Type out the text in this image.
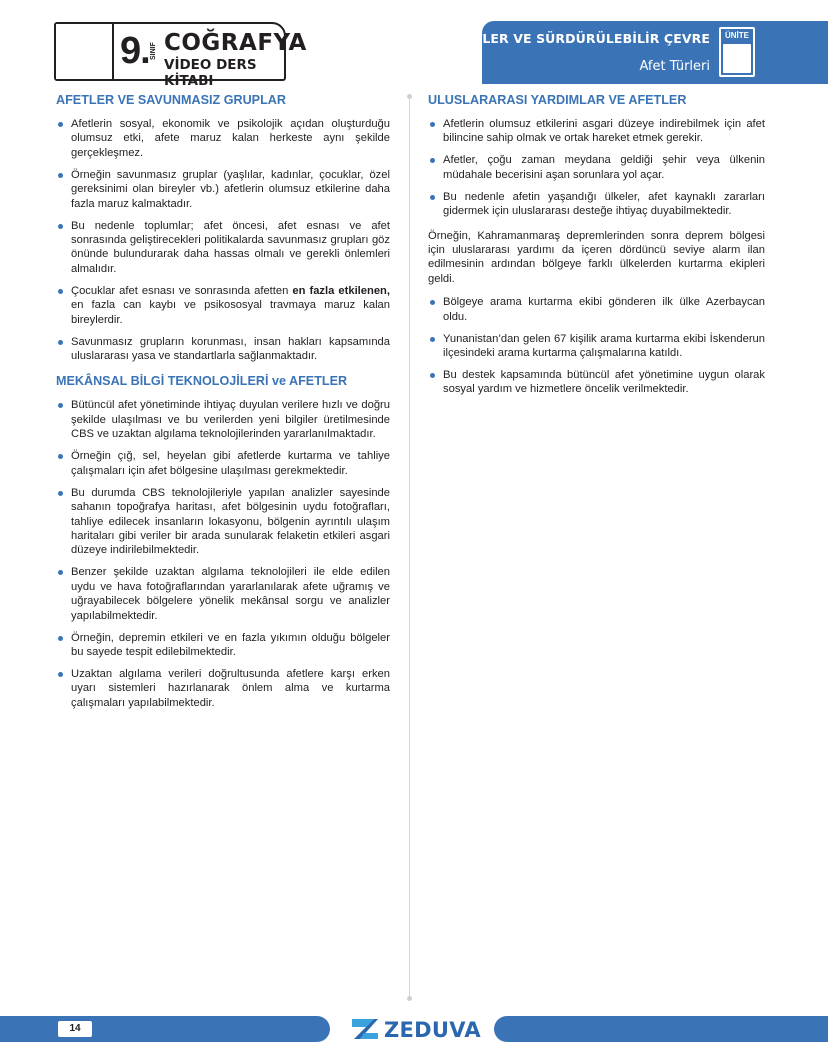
9. SINIF COĞRAFYA
VİDEO DERS KİTABI
AFETLER VE SÜRDÜRÜLEBİLİR ÇEVRE
Afet Türleri
ÜNİTE
AFETLER VE SAVUNMASIZ GRUPLAR
Afetlerin sosyal, ekonomik ve psikolojik açıdan oluşturduğu olumsuz etki, afete maruz kalan herkeste aynı şekilde gerçekleşmez.
Örneğin savunmasız gruplar (yaşlılar, kadınlar, çocuklar, özel gereksinimi olan bireyler vb.) afetlerin olumsuz etkilerine daha fazla maruz kalmaktadır.
Bu nedenle toplumlar; afet öncesi, afet esnası ve afet sonrasında geliştirecekleri politikalarda savunmasız grupları göz önünde bulundurarak daha hassas olmalı ve gerekli önlemleri almalıdır.
Çocuklar afet esnası ve sonrasında afetten en fazla etkilenen, en fazla can kaybı ve psikososyal travmaya maruz kalan bireylerdir.
Savunmasız grupların korunması, insan hakları kapsamında uluslararası yasa ve standartlarla sağlanmaktadır.
MEKÂNSAL BİLGİ TEKNOLOJİLERİ ve AFETLER
Bütüncül afet yönetiminde ihtiyaç duyulan verilere hızlı ve doğru şekilde ulaşılması ve bu verilerden yeni bilgiler üretilmesinde CBS ve uzaktan algılama teknolojilerinden yararlanılmaktadır.
Örneğin çığ, sel, heyelan gibi afetlerde kurtarma ve tahliye çalışmaları için afet bölgesine ulaşılması gerekmektedir.
Bu durumda CBS teknolojileriyle yapılan analizler sayesinde sahanın topoğrafya haritası, afet bölgesinin uydu fotoğrafları, tahliye edilecek insanların lokasyonu, bölgenin ayrıntılı ulaşım haritaları gibi veriler bir arada sunularak felaketin etkileri asgari düzeye indirilebilmektedir.
Benzer şekilde uzaktan algılama teknolojileri ile elde edilen uydu ve hava fotoğraflarından yararlanılarak afete uğramış ve uğrayabilecek bölgelere yönelik mekânsal sorgu ve analizler yapılabilmektedir.
Örneğin, depremin etkileri ve en fazla yıkımın olduğu bölgeler bu sayede tespit edilebilmektedir.
Uzaktan algılama verileri doğrultusunda afetlere karşı erken uyarı sistemleri hazırlanarak önlem alma ve kurtarma çalışmaları yapılabilmektedir.
ULUSLARARASI YARDIMLAR VE AFETLER
Afetlerin olumsuz etkilerini asgari düzeye indirebilmek için afet bilincine sahip olmak ve ortak hareket etmek gerekir.
Afetler, çoğu zaman meydana geldiği şehir veya ülkenin müdahale becerisini aşan sorunlara yol açar.
Bu nedenle afetin yaşandığı ülkeler, afet kaynaklı zararları gidermek için uluslararası desteğe ihtiyaç duyabilmektedir.

Örneğin, Kahramanmaraş depremlerinden sonra deprem bölgesi için uluslararası yardımı da içeren dördüncü seviye alarm ilan edilmesinin ardından bölgeye farklı ülkelerden kurtarma ekipleri geldi.

Bölgeye arama kurtarma ekibi gönderen ilk ülke Azerbaycan oldu.
Yunanistan’dan gelen 67 kişilik arama kurtarma ekibi İskenderun ilçesindeki arama kurtarma çalışmalarına katıldı.
Bu destek kapsamında bütüncül afet yönetimine uygun olarak sosyal yardım ve hizmetlere öncelik verilmektedir.
14	ZEDUVA
